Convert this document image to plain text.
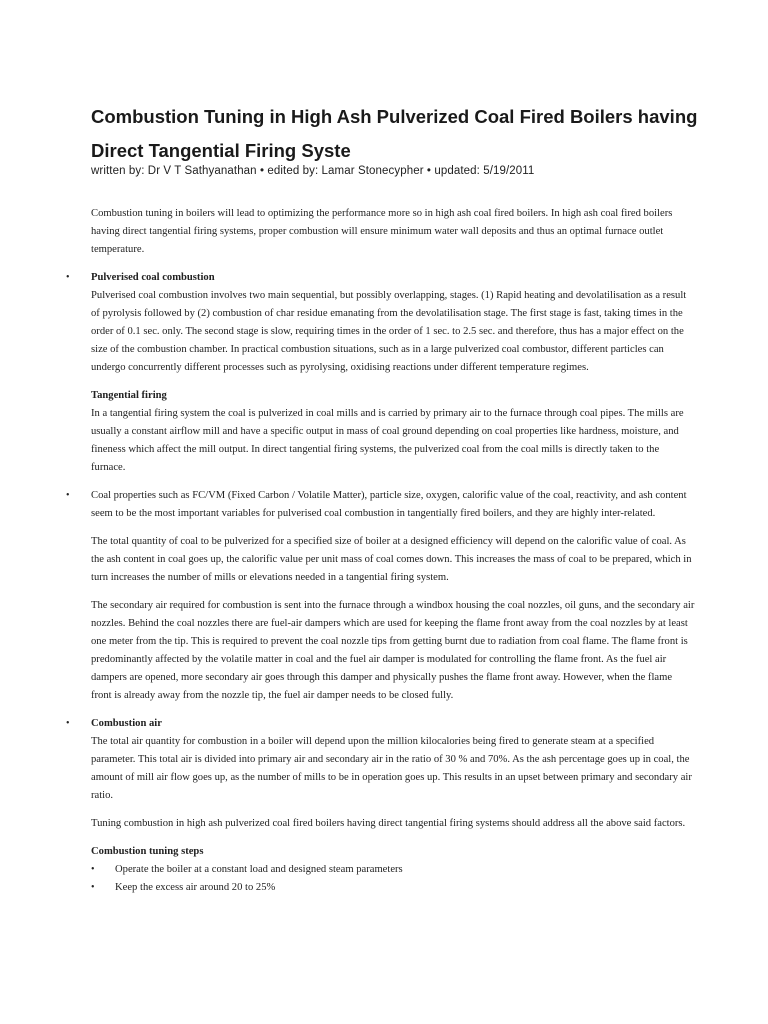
Combustion Tuning in High Ash Pulverized Coal Fired Boilers having Direct Tangential Firing Syste
written by: Dr V T Sathyanathan • edited by: Lamar Stonecypher • updated: 5/19/2011

Combustion tuning in boilers will lead to optimizing the performance more so in high ash coal fired boilers. In high ash coal fired boilers having direct tangential firing systems, proper combustion will ensure minimum water wall deposits and thus an optimal furnace outlet temperature.

• Pulverised coal combustion

Pulverised coal combustion involves two main sequential, but possibly overlapping, stages. (1) Rapid heating and devolatilisation as a result of pyrolysis followed by (2) combustion of char residue emanating from the devolatilisation stage. The first stage is fast, taking times in the order of 0.1 sec. only. The second stage is slow, requiring times in the order of 1 sec. to 2.5 sec. and therefore, thus has a major effect on the size of the combustion chamber. In practical combustion situations, such as in a large pulverized coal combustor, different particles can undergo concurrently different processes such as pyrolysing, oxidising reactions under different temperature regimes.

Tangential firing

In a tangential firing system the coal is pulverized in coal mills and is carried by primary air to the furnace through coal pipes. The mills are usually a constant airflow mill and have a specific output in mass of coal ground depending on coal properties like hardness, moisture, and fineness which affect the mill output. In direct tangential firing systems, the pulverized coal from the coal mills is directly taken to the furnace.

• Coal properties such as FC/VM (Fixed Carbon / Volatile Matter), particle size, oxygen, calorific value of the coal, reactivity, and ash content seem to be the most important variables for pulverised coal combustion in tangentially fired boilers, and they are highly inter-related.

The total quantity of coal to be pulverized for a specified size of boiler at a designed efficiency will depend on the calorific value of coal. As the ash content in coal goes up, the calorific value per unit mass of coal comes down. This increases the mass of coal to be prepared, which in turn increases the number of mills or elevations needed in a tangential firing system.

The secondary air required for combustion is sent into the furnace through a windbox housing the coal nozzles, oil guns, and the secondary air nozzles. Behind the coal nozzles there are fuel-air dampers which are used for keeping the flame front away from the coal nozzles by at least one meter from the tip. This is required to prevent the coal nozzle tips from getting burnt due to radiation from coal flame. The flame front is predominantly affected by the volatile matter in coal and the fuel air damper is modulated for controlling the flame front. As the fuel air dampers are opened, more secondary air goes through this damper and physically pushes the flame front away. However, when the flame front is already away from the nozzle tip, the fuel air damper needs to be closed fully.

• Combustion air

The total air quantity for combustion in a boiler will depend upon the million kilocalories being fired to generate steam at a specified parameter. This total air is divided into primary air and secondary air in the ratio of 30 % and 70%. As the ash percentage goes up in coal, the amount of mill air flow goes up, as the number of mills to be in operation goes up. This results in an upset between primary and secondary air ratio.

Tuning combustion in high ash pulverized coal fired boilers having direct tangential firing systems should address all the above said factors.

Combustion tuning steps

• Operate the boiler at a constant load and designed steam parameters
• Keep the excess air around 20 to 25%
